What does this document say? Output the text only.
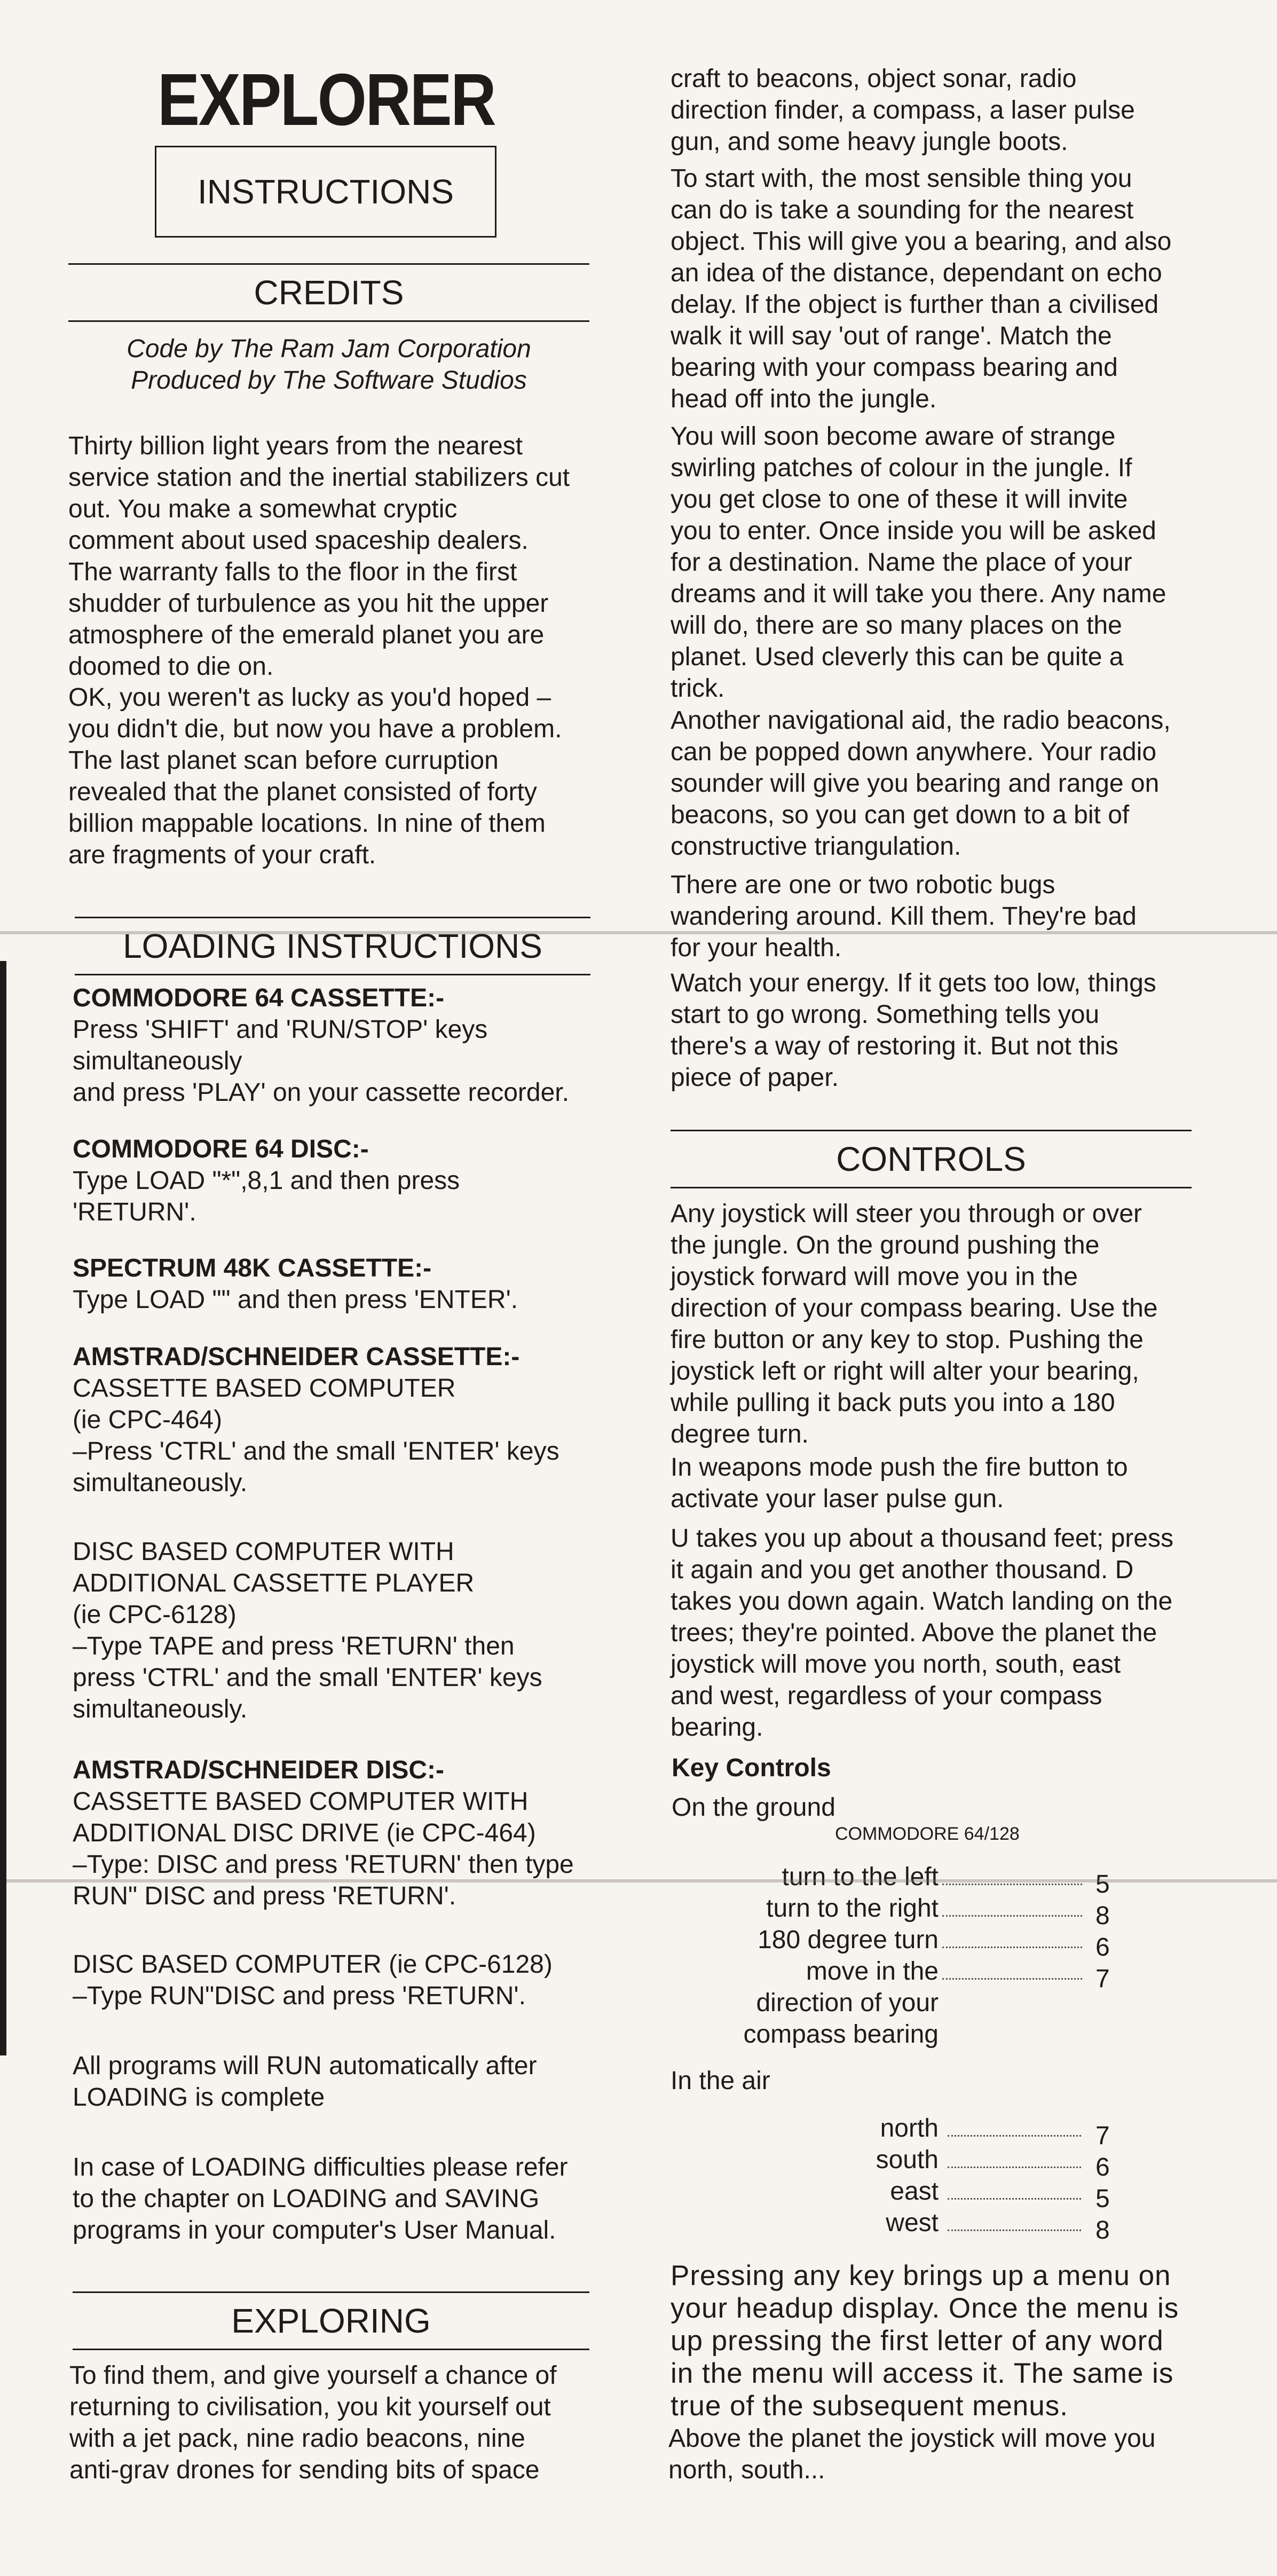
EXPLORER
INSTRUCTIONS
CREDITS
Code by The Ram Jam Corporation
Produced by The Software Studios
Thirty billion light years from the nearest
service station and the inertial stabilizers cut
out. You make a somewhat cryptic
comment about used spaceship dealers.
The warranty falls to the floor in the first
shudder of turbulence as you hit the upper
atmosphere of the emerald planet you are
doomed to die on.
OK, you weren't as lucky as you'd hoped –
you didn't die, but now you have a problem.
The last planet scan before curruption
revealed that the planet consisted of forty
billion mappable locations. In nine of them
are fragments of your craft.
LOADING INSTRUCTIONS
COMMODORE 64 CASSETTE:-
Press 'SHIFT' and 'RUN/STOP' keys
simultaneously
and press 'PLAY' on your cassette recorder.
COMMODORE 64 DISC:-
Type LOAD "*",8,1 and then press
'RETURN'.
SPECTRUM 48K CASSETTE:-
Type LOAD "" and then press 'ENTER'.
AMSTRAD/SCHNEIDER CASSETTE:-
CASSETTE BASED COMPUTER
(ie CPC-464)
–Press 'CTRL' and the small 'ENTER' keys
simultaneously.
DISC BASED COMPUTER WITH
ADDITIONAL CASSETTE PLAYER
(ie CPC-6128)
–Type TAPE and press 'RETURN' then
press 'CTRL' and the small 'ENTER' keys
simultaneously.
AMSTRAD/SCHNEIDER DISC:-
CASSETTE BASED COMPUTER WITH
ADDITIONAL DISC DRIVE (ie CPC-464)
–Type: DISC and press 'RETURN' then type
RUN" DISC and press 'RETURN'.
DISC BASED COMPUTER (ie CPC-6128)
–Type RUN"DISC and press 'RETURN'.
All programs will RUN automatically after
LOADING is complete
In case of LOADING difficulties please refer
to the chapter on LOADING and SAVING
programs in your computer's User Manual.
EXPLORING
To find them, and give yourself a chance of
returning to civilisation, you kit yourself out
with a jet pack, nine radio beacons, nine
anti-grav drones for sending bits of space
craft to beacons, object sonar, radio
direction finder, a compass, a laser pulse
gun, and some heavy jungle boots.
To start with, the most sensible thing you
can do is take a sounding for the nearest
object. This will give you a bearing, and also
an idea of the distance, dependant on echo
delay. If the object is further than a civilised
walk it will say 'out of range'. Match the
bearing with your compass bearing and
head off into the jungle.
You will soon become aware of strange
swirling patches of colour in the jungle. If
you get close to one of these it will invite
you to enter. Once inside you will be asked
for a destination. Name the place of your
dreams and it will take you there. Any name
will do, there are so many places on the
planet. Used cleverly this can be quite a
trick.
Another navigational aid, the radio beacons,
can be popped down anywhere. Your radio
sounder will give you bearing and range on
beacons, so you can get down to a bit of
constructive triangulation.
There are one or two robotic bugs
wandering around. Kill them. They're bad
for your health.
Watch your energy. If it gets too low, things
start to go wrong. Something tells you
there's a way of restoring it. But not this
piece of paper.
CONTROLS
Any joystick will steer you through or over
the jungle. On the ground pushing the
joystick forward will move you in the
direction of your compass bearing. Use the
fire button or any key to stop. Pushing the
joystick left or right will alter your bearing,
while pulling it back puts you into a 180
degree turn.
In weapons mode push the fire button to
activate your laser pulse gun.
U takes you up about a thousand feet; press
it again and you get another thousand. D
takes you down again. Watch landing on the
trees; they're pointed. Above the planet the
joystick will move you north, south, east
and west, regardless of your compass
bearing.
Key Controls
On the ground
COMMODORE 64/128
turn to the left	5
turn to the right	8
180 degree turn	6
move in the	7
direction of your
compass bearing
In the air
north	7
south	6
east	5
west	8
Pressing any key brings up a menu on
your headup display. Once the menu is
up pressing the first letter of any word
in the menu will access it. The same is
true of the subsequent menus.
Above the planet the joystick will move you
north, south...
